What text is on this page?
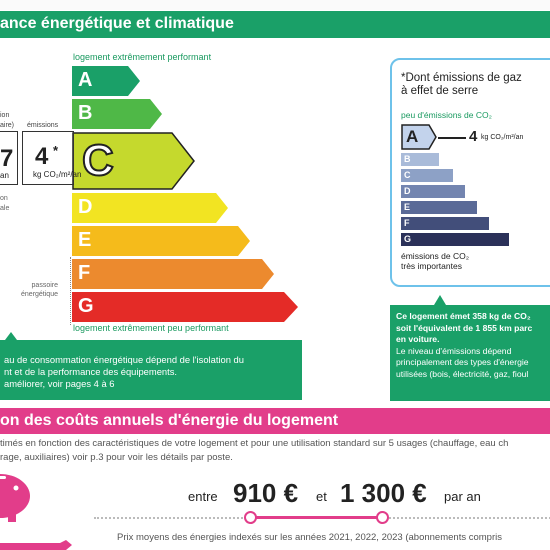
ance énergétique et climatique
logement extrêmement performant
A
B
C
D
E
F
G
logement extrêmement peu performant
passoire
énergétique
ion
aire) émissions
7
an
4 *
kg CO₂/m²/an
on
ale
au de consommation énergétique dépend de l'isolation du
nt et de la performance des équipements.
améliorer, voir pages 4 à 6
*Dont émissions de gaz
à effet de serre
peu d'émissions de CO₂
A	4 kg CO₂/m²/an
B
C
D
E
F
G
émissions de CO₂
très importantes
Ce logement émet 358 kg de CO₂
soit l'équivalent de 1 855 km parc
en voiture.
Le niveau d'émissions dépend
principalement des types d'énergie
utilisées (bois, électricité, gaz, fioul
on des coûts annuels d'énergie du logement
timés en fonction des caractéristiques de votre logement et pour une utilisation standard sur 5 usages (chauffage, eau ch
rage, auxiliaires) voir p.3 pour voir les détails par poste.
entre 910 € et 1 300 € par an
Prix moyens des énergies indexés sur les années 2021, 2022, 2023 (abonnements compris
